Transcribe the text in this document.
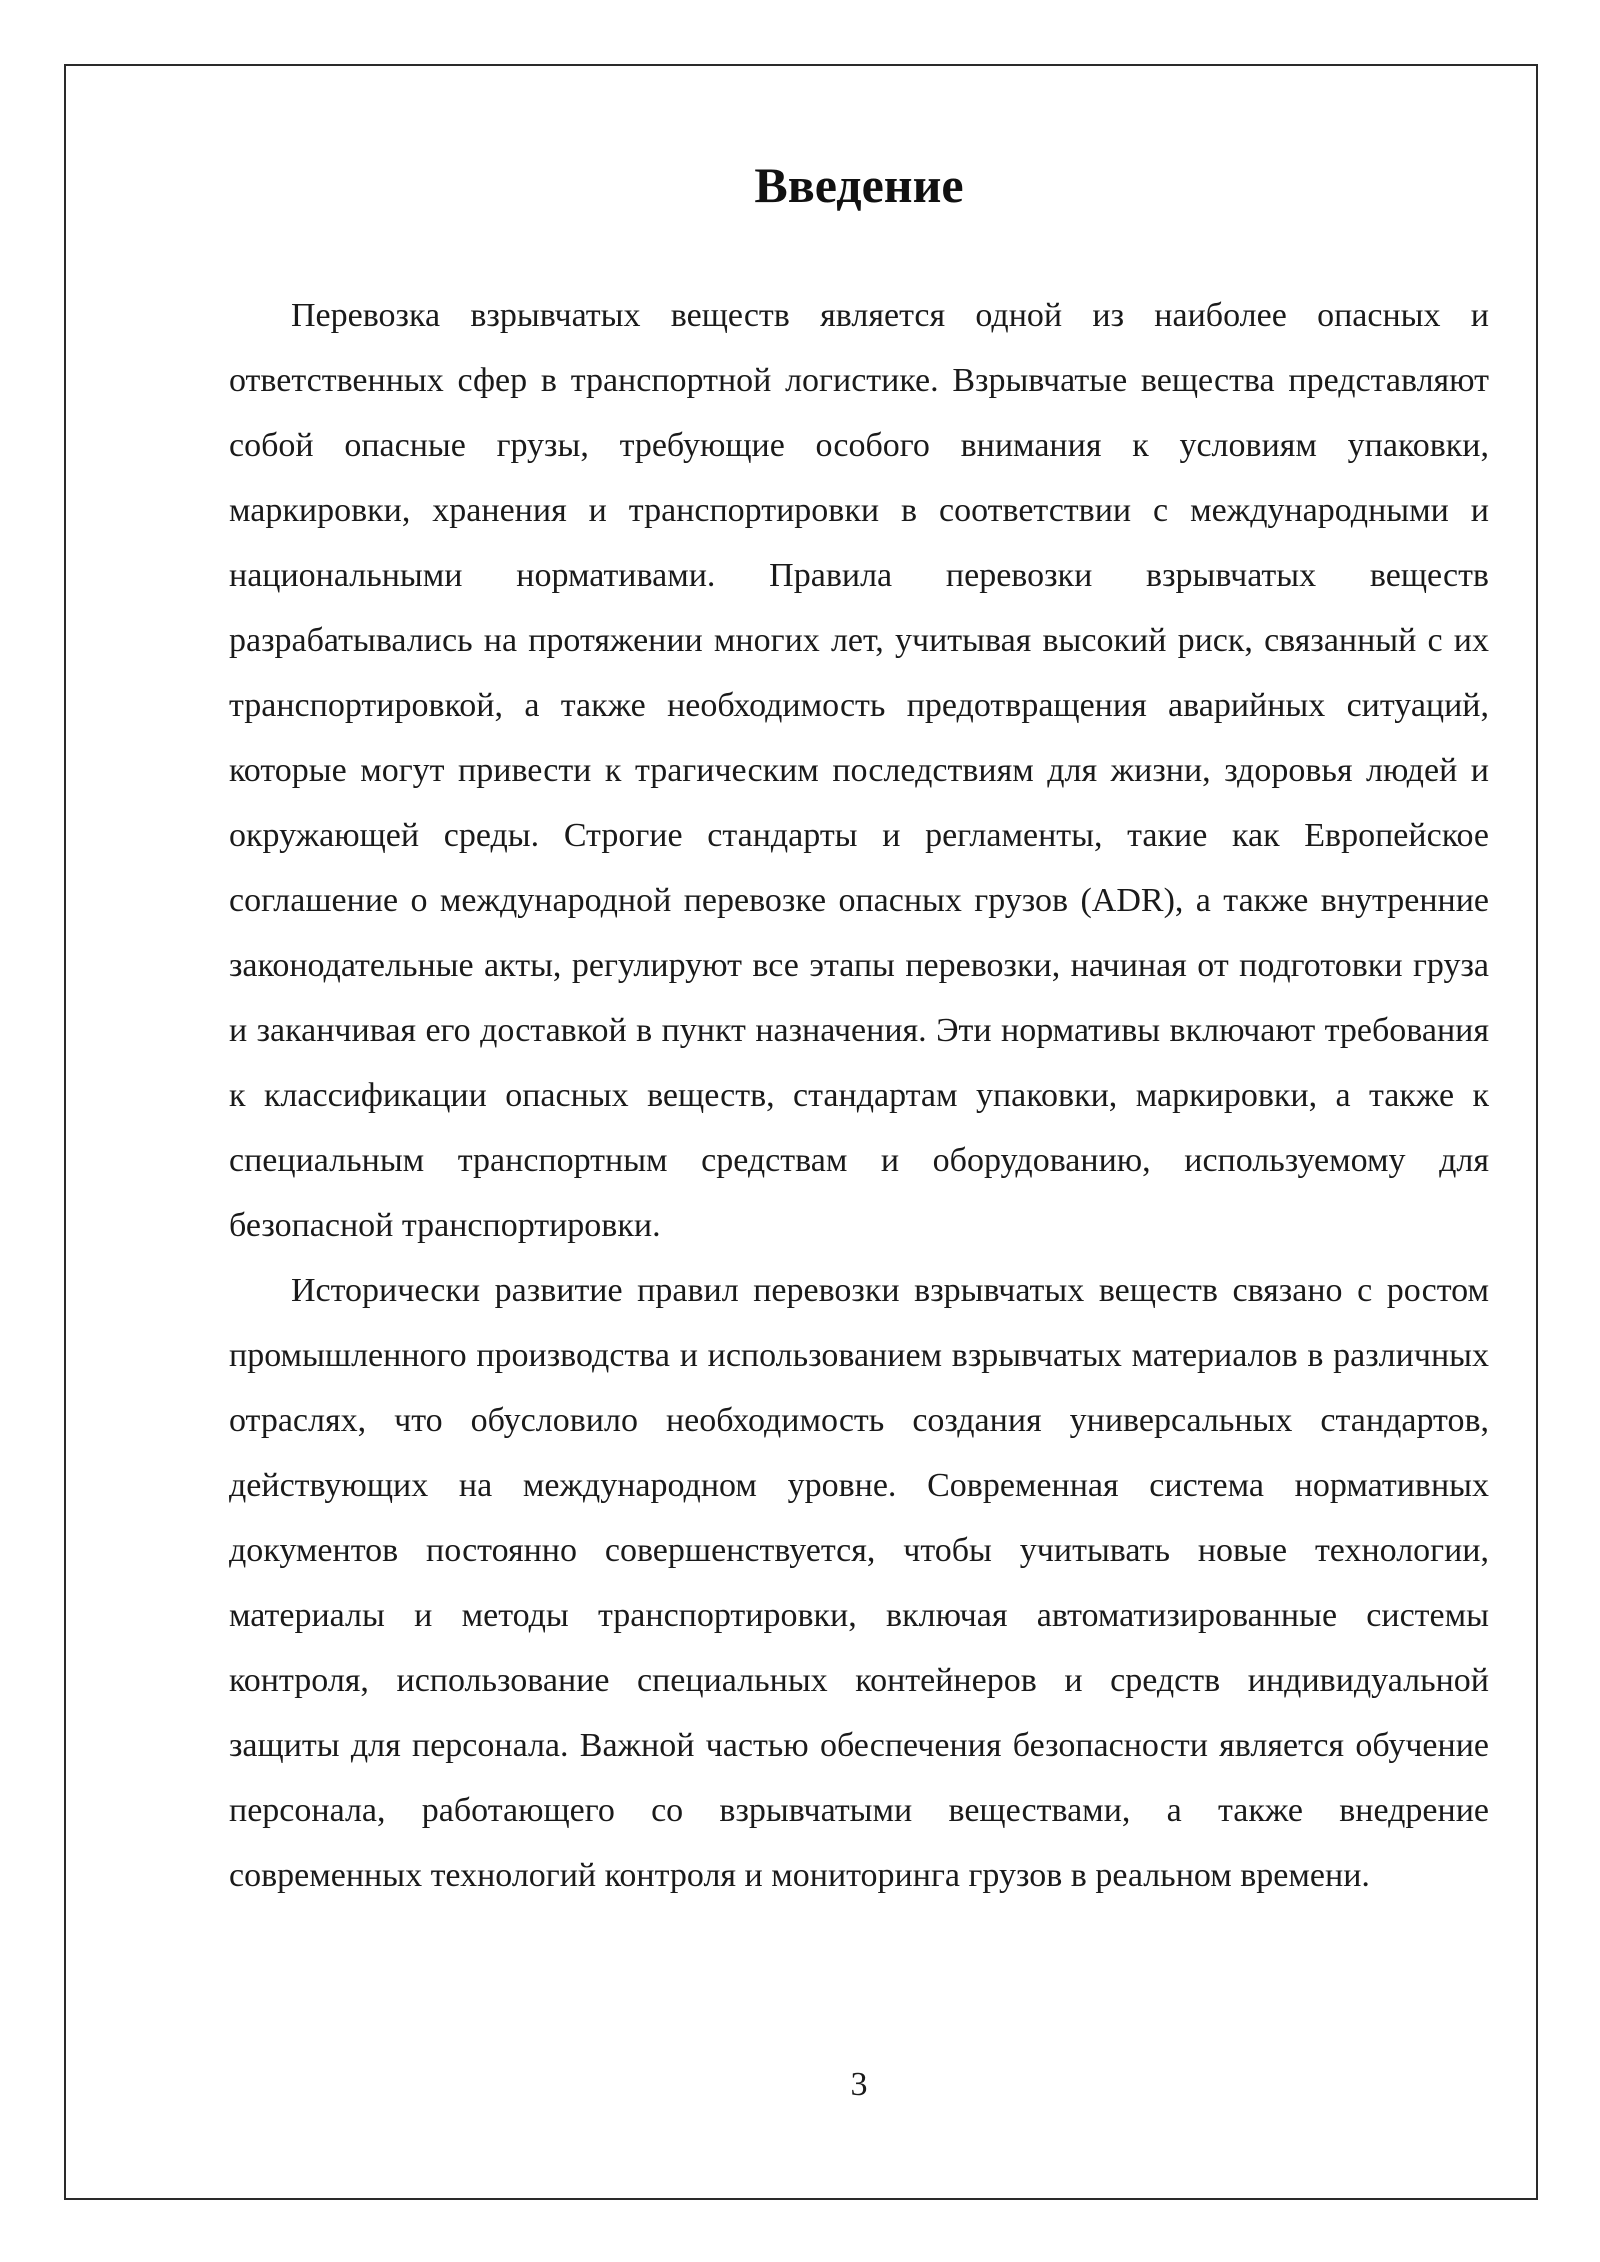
Введение

Перевозка взрывчатых веществ является одной из наиболее опасных и ответственных сфер в транспортной логистике. Взрывчатые вещества представляют собой опасные грузы, требующие особого внимания к условиям упаковки, маркировки, хранения и транспортировки в соответствии с международными и национальными нормативами. Правила перевозки взрывчатых веществ разрабатывались на протяжении многих лет, учитывая высокий риск, связанный с их транспортировкой, а также необходимость предотвращения аварийных ситуаций, которые могут привести к трагическим последствиям для жизни, здоровья людей и окружающей среды. Строгие стандарты и регламенты, такие как Европейское соглашение о международной перевозке опасных грузов (ADR), а также внутренние законодательные акты, регулируют все этапы перевозки, начиная от подготовки груза и заканчивая его доставкой в пункт назначения. Эти нормативы включают требования к классификации опасных веществ, стандартам упаковки, маркировки, а также к специальным транспортным средствам и оборудованию, используемому для безопасной транспортировки.

Исторически развитие правил перевозки взрывчатых веществ связано с ростом промышленного производства и использованием взрывчатых материалов в различных отраслях, что обусловило необходимость создания универсальных стандартов, действующих на международном уровне. Современная система нормативных документов постоянно совершенствуется, чтобы учитывать новые технологии, материалы и методы транспортировки, включая автоматизированные системы контроля, использование специальных контейнеров и средств индивидуальной защиты для персонала. Важной частью обеспечения безопасности является обучение персонала, работающего со взрывчатыми веществами, а также внедрение современных технологий контроля и мониторинга грузов в реальном времени.

3
